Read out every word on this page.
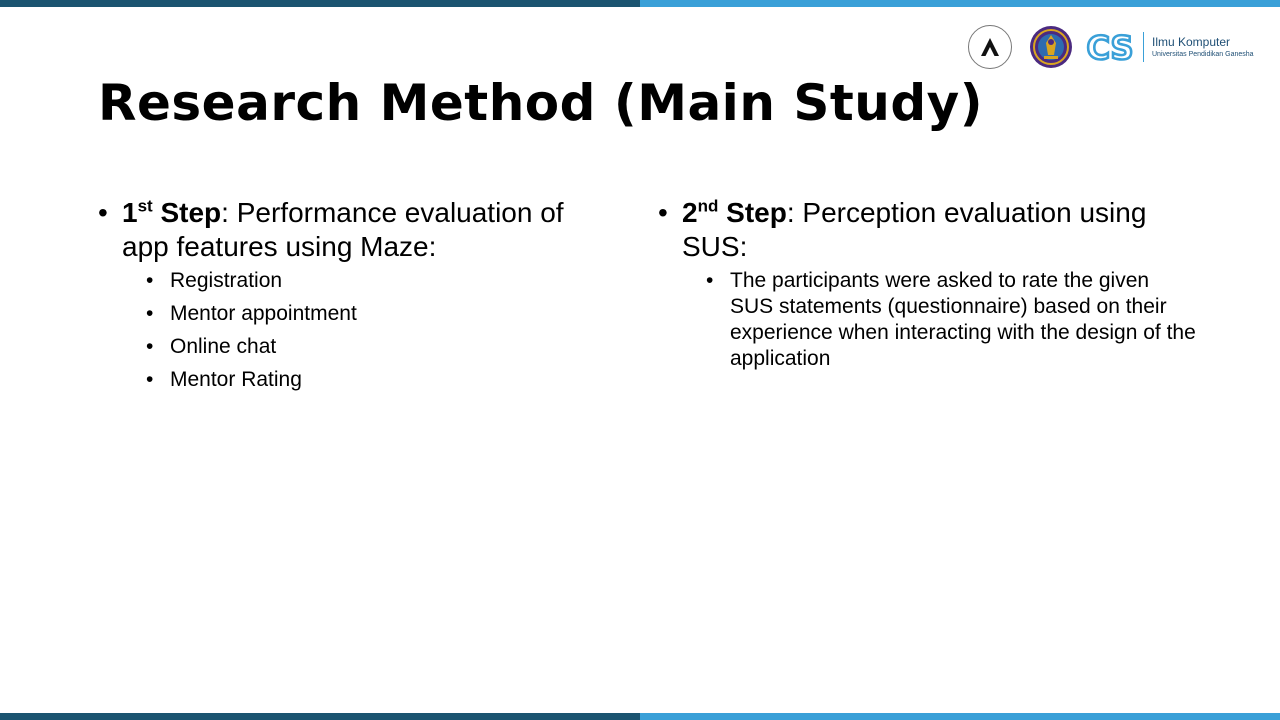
CS Ilmu Komputer
Universitas Pendidikan Ganesha
Research Method (Main Study)
• 1st Step: Performance evaluation of app features using Maze:
• Registration
• Mentor appointment
• Online chat
• Mentor Rating
• 2nd Step: Perception evaluation using SUS:
• The participants were asked to rate the given SUS statements (questionnaire) based on their experience when interacting with the design of the application
